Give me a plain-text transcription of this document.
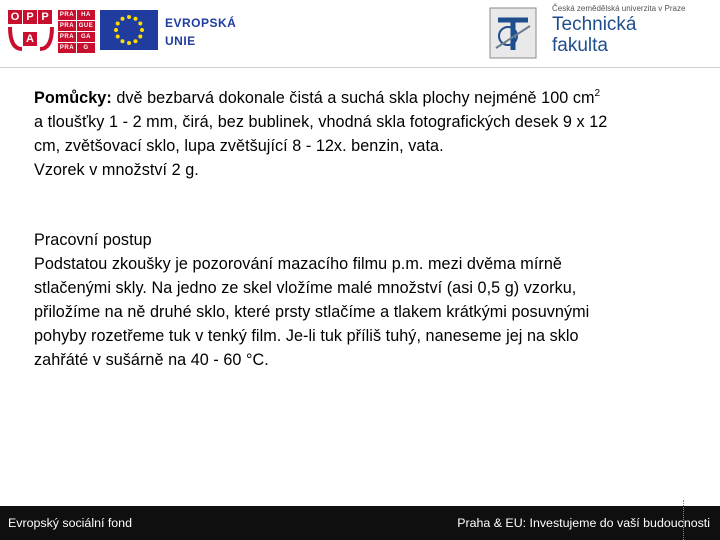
O P P
A
PRA	HA
PRA GUE
PRA	GA
PRA	G
EVROPSKÁ
UNIE
Česká zemědělská univerzita v Praze
Technická
fakulta

Pomůcky: dvě bezbarvá dokonale čistá a suchá skla plochy nejméně 100 $cm^2$

a tloušťky 1 - 2 mm, čirá, bez bublinek, vhodná skla fotografických desek 9 x 12

cm, zvětšovací sklo, lupa zvětšující 8 - 12x. benzin, vata.

Vzorek v množství 2 g.

Pracovní postup

Podstatou zkoušky je pozorování mazacího filmu p.m. mezi dvěma mírně

stlačenými skly. Na jedno ze skel vložíme malé množství (asi 0,5 g) vzorku,

přiložíme na ně druhé sklo, které prsty stlačíme a tlakem krátkými posuvnými

pohyby rozetřeme tuk v tenký film. Je-li tuk příliš tuhý, naneseme jej na sklo

zahřáté v sušárně na 40 - 60 °C.

Evropský sociální fond	Praha & EU: Investujeme do vaší budoucnosti
